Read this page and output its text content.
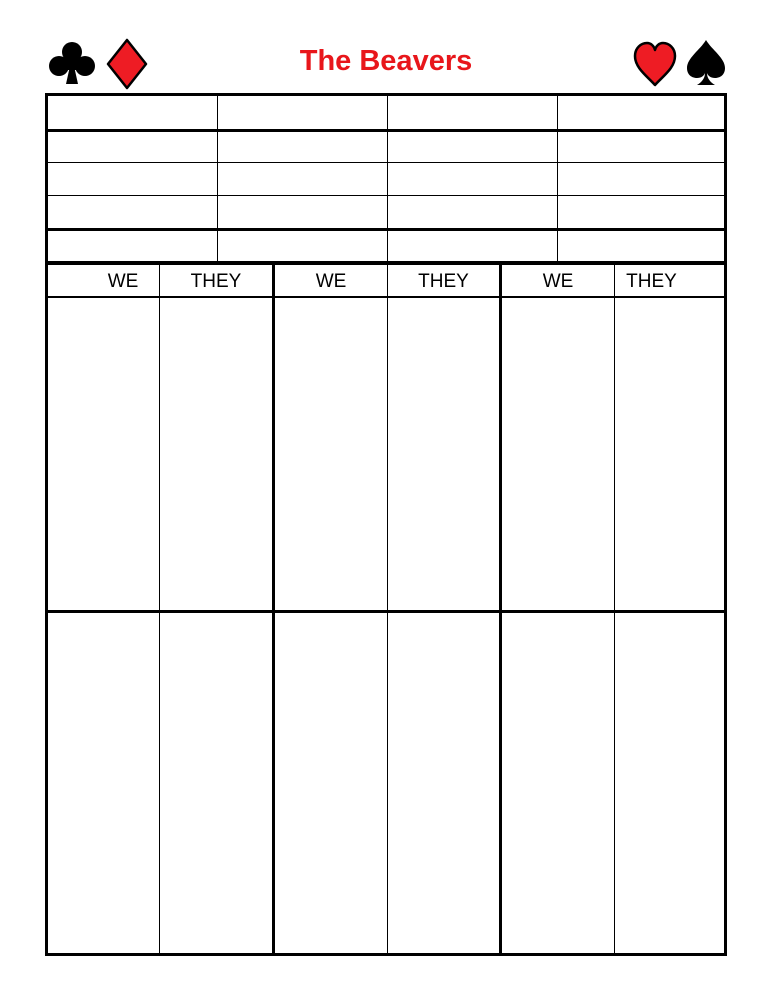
The Beavers
WE	THEY	WE	THEY	WE	THEY
